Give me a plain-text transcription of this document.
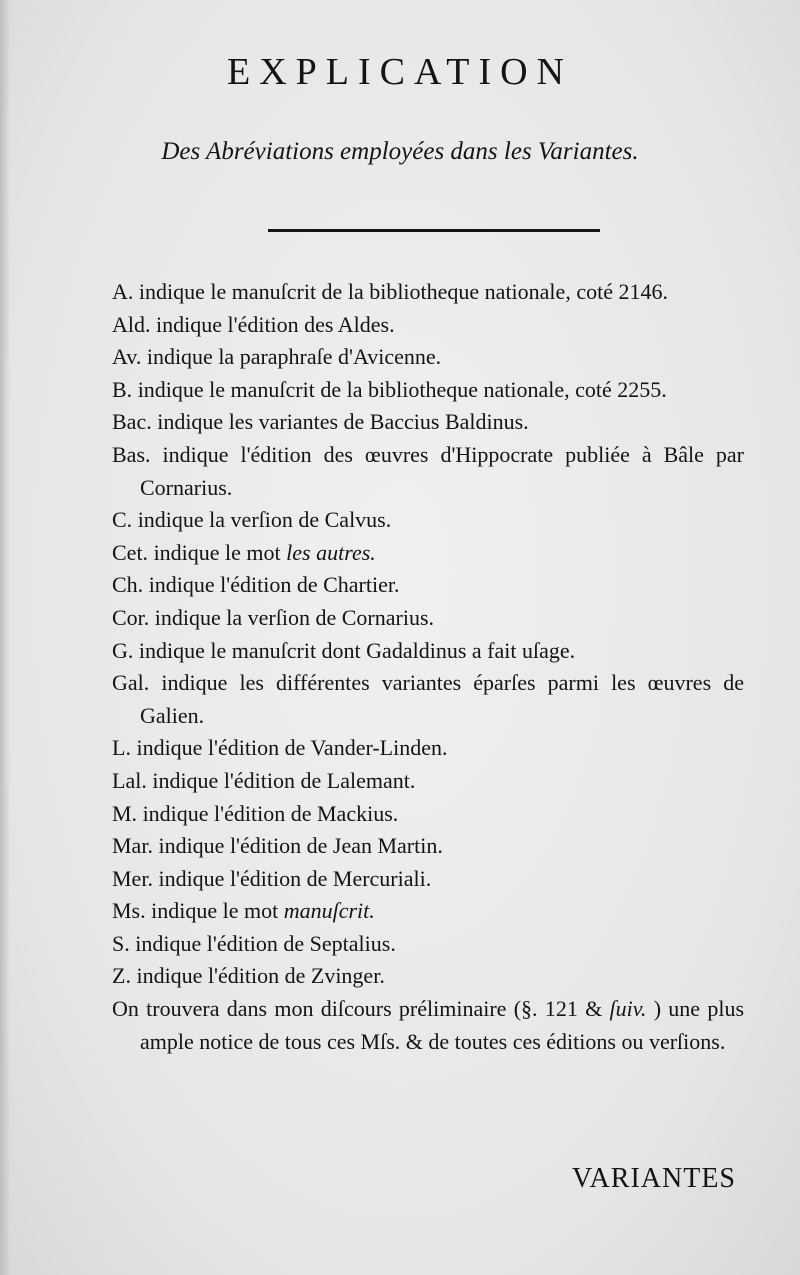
EXPLICATION
Des Abréviations employées dans les Variantes.
A. indique le manuſcrit de la bibliotheque nationale, coté 2146.
Ald. indique l'édition des Aldes.
Av. indique la paraphraſe d'Avicenne.
B. indique le manuſcrit de la bibliotheque nationale, coté 2255.
Bac. indique les variantes de Baccius Baldinus.
Bas. indique l'édition des œuvres d'Hippocrate publiée à Bâle par Cornarius.
C. indique la verſion de Calvus.
Cet. indique le mot les autres.
Ch. indique l'édition de Chartier.
Cor. indique la verſion de Cornarius.
G. indique le manuſcrit dont Gadaldinus a fait uſage.
Gal. indique les différentes variantes éparſes parmi les œuvres de Galien.
L. indique l'édition de Vander-Linden.
Lal. indique l'édition de Lalemant.
M. indique l'édition de Mackius.
Mar. indique l'édition de Jean Martin.
Mer. indique l'édition de Mercuriali.
Ms. indique le mot manuſcrit.
S. indique l'édition de Septalius.
Z. indique l'édition de Zvinger.
On trouvera dans mon diſcours préliminaire (§. 121 & ſuiv. ) une plus ample notice de tous ces Mſs. & de toutes ces éditions ou verſions.
VARIANTES
